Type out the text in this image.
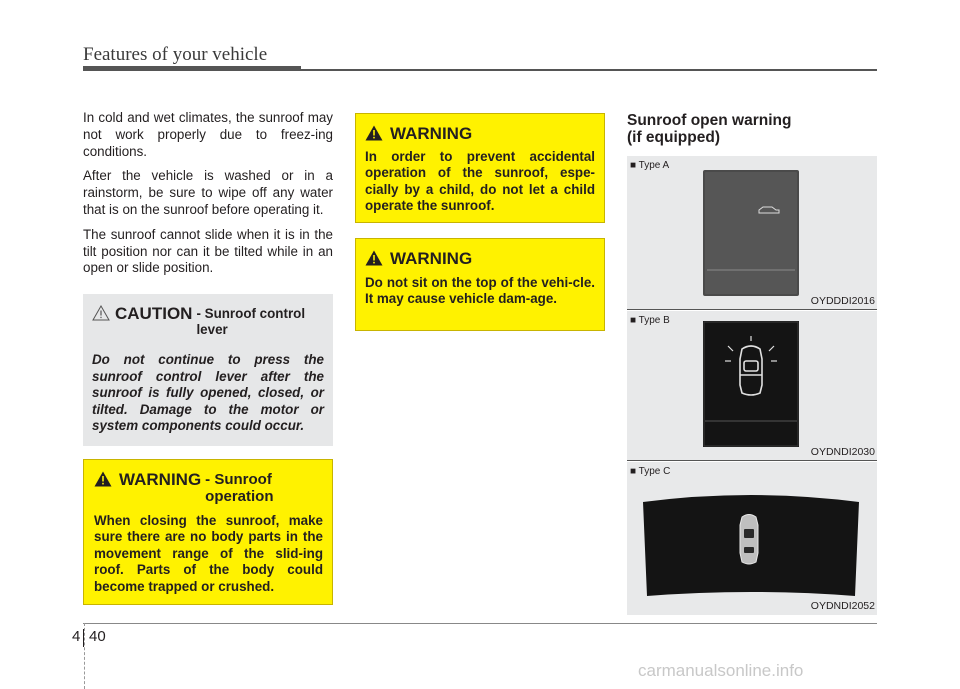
Features of your vehicle

In cold and wet climates, the sunroof may not work properly due to freez-ing conditions.

After the vehicle is washed or in a rainstorm, be sure to wipe off any water that is on the sunroof before operating it.

The sunroof cannot slide when it is in the tilt position nor can it be tilted while in an open or slide position.

CAUTION - Sunroof control lever
Do not continue to press the sunroof control lever after the sunroof is fully opened, closed, or tilted. Damage to the motor or system components could occur.
WARNING - Sunroof operation
When closing the sunroof, make sure there are no body parts in the movement range of the slid-ing roof. Parts of the body could become trapped or crushed.
WARNING
In order to prevent accidental operation of the sunroof, espe-cially by a child, do not let a child operate the sunroof.
WARNING
Do not sit on the top of the vehi-cle. It may cause vehicle dam-age.
Sunroof open warning
(if equipped)
■ Type A
OYDDDI2016
■ Type B
OYDNDI2030
■ Type C
OYDNDI2052
4 40
carmanualsonline.info
